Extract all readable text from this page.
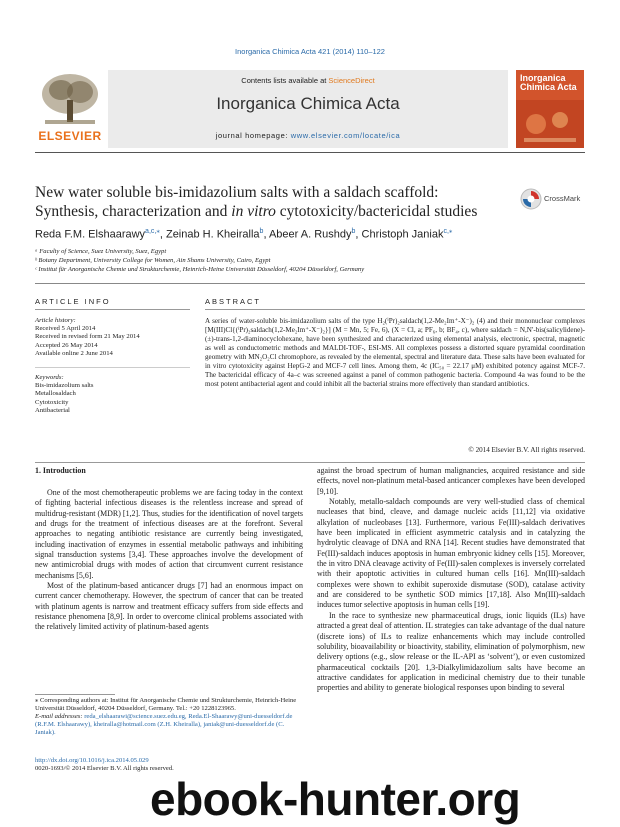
Inorganica Chimica Acta 421 (2014) 110–122
ELSEVIER
Contents lists available at ScienceDirect
Inorganica Chimica Acta
journal homepage: www.elsevier.com/locate/ica
Inorganica Chimica Acta
New water soluble bis-imidazolium salts with a saldach scaffold:
Synthesis, characterization and in vitro cytotoxicity/bactericidal studies
CrossMark
Reda F.M. Elshaarawy$^{a,c,⁎}$, Zeinab H. Kheiralla$^b$, Abeer A. Rushdy$^b$, Christoph Janiak$^{c,⁎}$
ᵃ Faculty of Science, Suez University, Suez, Egypt
ᵇ Botany Department, University College for Women, Ain Shams University, Cairo, Egypt
ᶜ Institut für Anorganische Chemie und Strukturchemie, Heinrich-Heine Universität Düsseldorf, 40204 Düsseldorf, Germany
ARTICLE INFO	ABSTRACT
Article history:
Received 5 April 2014
Received in revised form 21 May 2014
Accepted 26 May 2014
Available online 2 June 2014
Keywords:
Bis-imidazolium salts
Metallosaldach
Cytotoxicity
Antibacterial
A series of water-soluble bis-imidazolium salts of the type H₂(ⁱPr)₂saldach(1,2-Me₂Im⁺-X⁻)₂ (4) and their mononuclear complexes [M(III)Cl{(ⁱPr)₂saldach(1,2-Me₂Im⁺-X⁻)₂}] (M = Mn, 5; Fe, 6), (X = Cl, a; PF₆, b; BF₄, c), where saldach = N,N′-bis(salicylidene)-(±)-trans-1,2-diaminocyclohexane, have been synthesized and characterized using elemental analysis, electronic, spectral, magnetic as well as conductometric methods and MALDI-TOF-, ESI-MS. All complexes possess a distorted square pyramidal coordination geometry with MN₂O₂Cl chromophore, as revealed by the elemental, spectral and literature data. These salts have been evaluated for in vitro cytotoxicity against HepG-2 and MCF-7 cell lines. Among them, 4c (IC₅₀ = 22.17 μM) exhibited potency against MCF-7. The bactericidal efficacy of 4a–c was screened against a panel of common pathogenic bacteria. Compound 4a was found to be the most potent antibacterial agent and could inhibit all the bacterial strains more effectively than standard antibiotics.
© 2014 Elsevier B.V. All rights reserved.
1. Introduction

One of the most chemotherapeutic problems we are facing today in the context of fighting bacterial infectious diseases is the relentless increase and spread of multidrug-resistant (MDR) [1,2]. Thus, studies for the identification of novel targets and drugs for the treatment of infectious diseases are at the forefront. Several approaches to negating antibiotic resistance are currently being investigated, including inactivation of enzymes in essential metabolic pathways and inhibiting signal transduction systems [3,4]. These approaches involve the development of new antimicrobial drugs with modes of action that circumvent current resistance mechanisms [5,6].

Most of the platinum-based anticancer drugs [7] had an enormous impact on current cancer chemotherapy. However, the spectrum of cancer that can be treated with platinum agents is narrow and treatment efficacy suffers from side effects and resistance phenomena [8,9]. In order to overcome clinical problems associated with the relatively limited activity of platinum-based agents

against the broad spectrum of human malignancies, acquired resistance and side effects, novel non-platinum metal-based anticancer complexes have been developed [9,10].

Notably, metallo-saldach compounds are very well-studied class of chemical nucleases that bind, cleave, and damage nucleic acids [11,12] via oxidative alkylation of nucleobases [13]. Furthermore, various Fe(III)-saldach derivatives have been implicated in efficient asymmetric catalysis and in catalyzing the hydrolytic cleavage of DNA and RNA [14]. Recent studies have demonstrated that Fe(III)-saldach induces apoptosis in human embryonic kidney cells [15]. Moreover, the in vitro DNA cleavage activity of Fe(III)-salen complexes is inversely correlated with their apoptotic activities in cultured human cells [16]. Mn(III)-saldach complexes were shown to exhibit superoxide dismutase (SOD), catalase activity and are considered to be synthetic SOD mimics [17,18]. Also Mn(III)-saldach induces tumor selective apoptosis in human cells [19].

In the race to synthesize new pharmaceutical drugs, ionic liquids (ILs) have attracted a great deal of attention. IL strategies can take advantage of the dual nature (discrete ions) of ILs to realize enhancements which may include controlled solubility, bioavailability or bioactivity, stability, elimination of polymorphism, new delivery options (e.g., slow release or the IL-API as ‘solvent’), or even customized pharmaceutical cocktails [20]. 1,3-Dialkylimidazolium salts have become an attractive candidates for application in medicinal chemistry due to their tunable properties and ability to generate biological responses upon binding to several

⁎ Corresponding authors at: Institut für Anorganische Chemie und Strukturchemie, Heinrich-Heine Universität Düsseldorf, 40204 Düsseldorf, Germany. Tel.: +20 1228123965.
E-mail addresses: reda_elshaarawi@science.suez.edu.eg, Reda.El-Shaarawy@uni-duesseldorf.de (R.F.M. Elshaarawy), kheiralla@hotmail.com (Z.H. Kheiralla), janiak@uni-duesseldorf.de (C. Janiak).
http://dx.doi.org/10.1016/j.ica.2014.05.029
0020-1693/© 2014 Elsevier B.V. All rights reserved.
ebook-hunter.org
